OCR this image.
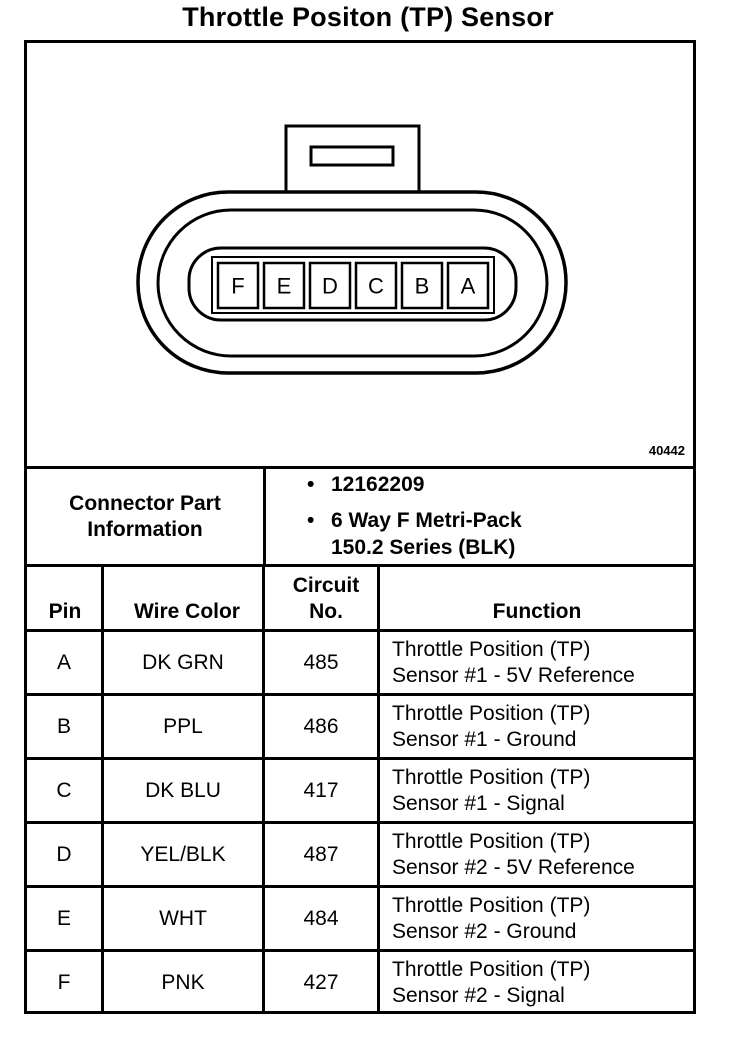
Throttle Positon (TP) Sensor
F E D C B A
40442
Connector Part
Information
• 12162209
• 6 Way F Metri-Pack
150.2 Series (BLK)
Pin	Wire Color
Circuit
No.	Function
A	DK GRN	485
Throttle Position (TP)
Sensor #1 - 5V Reference
B	PPL	486
Throttle Position (TP)
Sensor #1 - Ground
C	DK BLU	417
Throttle Position (TP)
Sensor #1 - Signal
D	YEL/BLK	487
Throttle Position (TP)
Sensor #2 - 5V Reference
E	WHT	484
Throttle Position (TP)
Sensor #2 - Ground
F	PNK	427
Throttle Position (TP)
Sensor #2 - Signal
